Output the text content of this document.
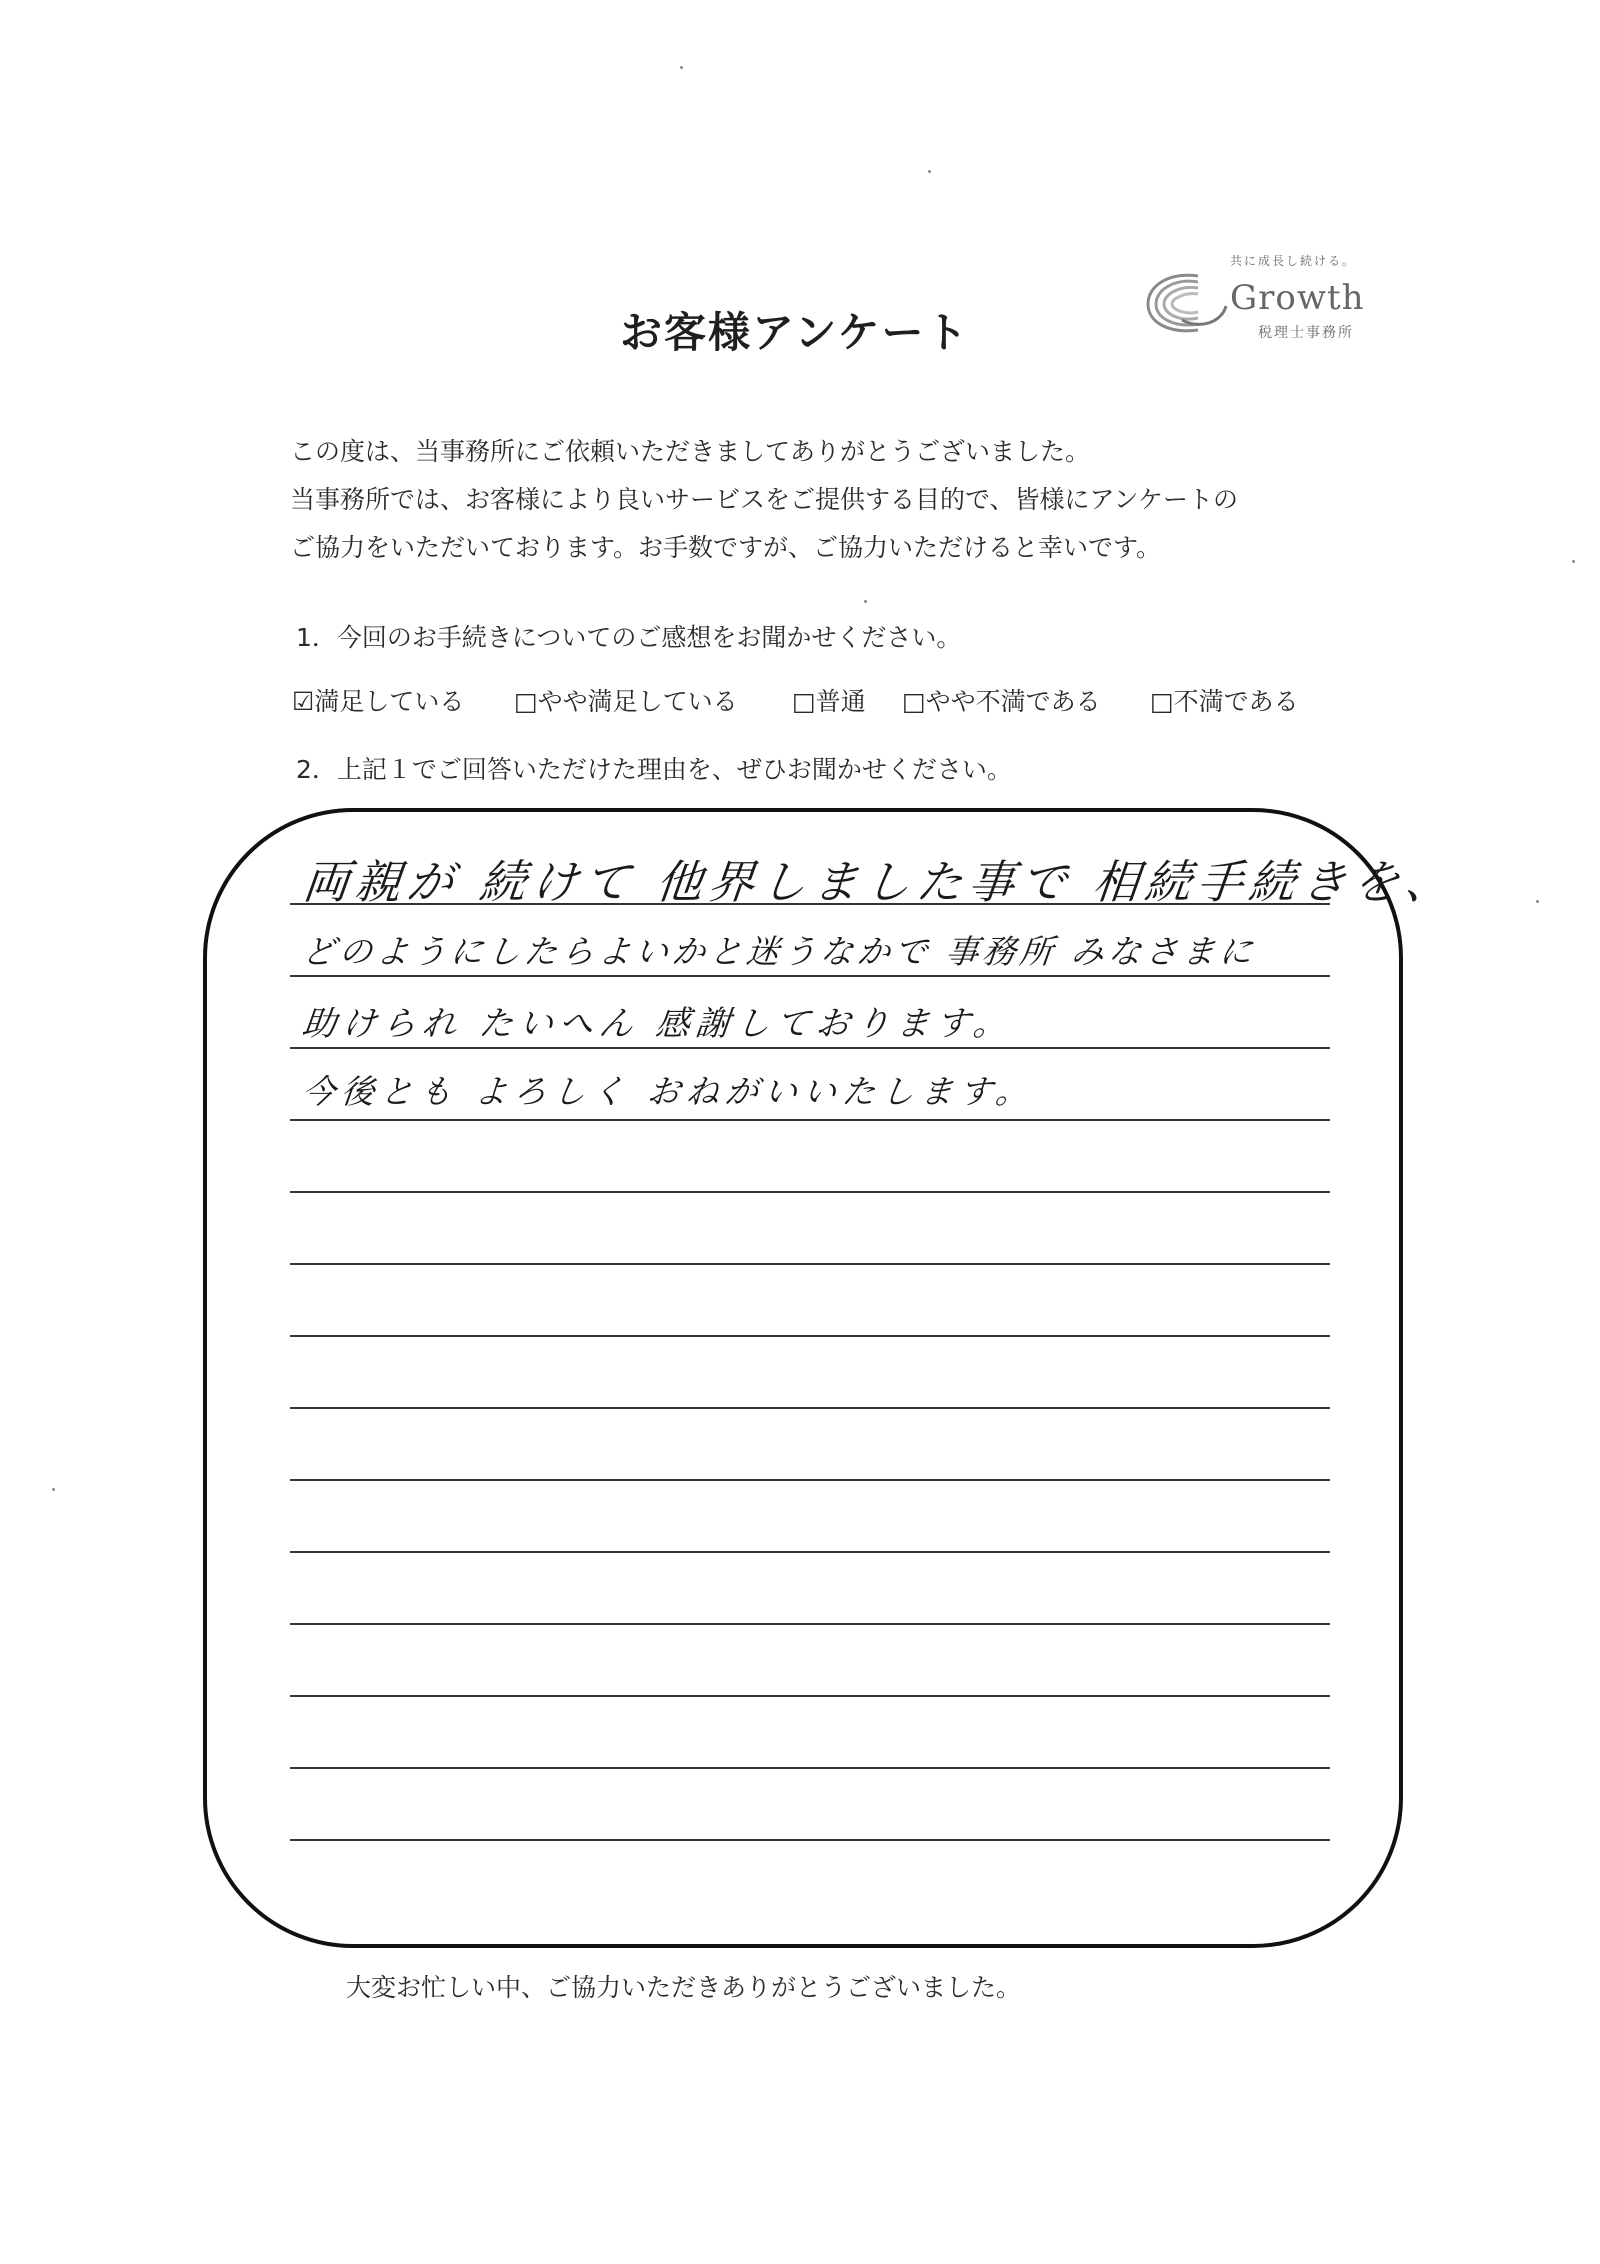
お客様アンケート
共に成長し続ける。
Growth
税理士事務所
この度は、当事務所にご依頼いただきましてありがとうございました。
当事務所では、お客様により良いサービスをご提供する目的で、皆様にアンケートの
ご協力をいただいております。お手数ですが、ご協力いただけると幸いです。
1．今回のお手続きについてのご感想をお聞かせください。
☑満足している □やや満足している □普通 □やや不満である □不満である
2．上記１でご回答いただけた理由を、ぜひお聞かせください。
両親が 続けて 他界しました事で 相続手続きを、
どのようにしたらよいかと迷うなかで 事務所 みなさまに
助けられ たいへん 感謝しております。
今後とも よろしく おねがいいたします。
大変お忙しい中、ご協力いただきありがとうございました。
